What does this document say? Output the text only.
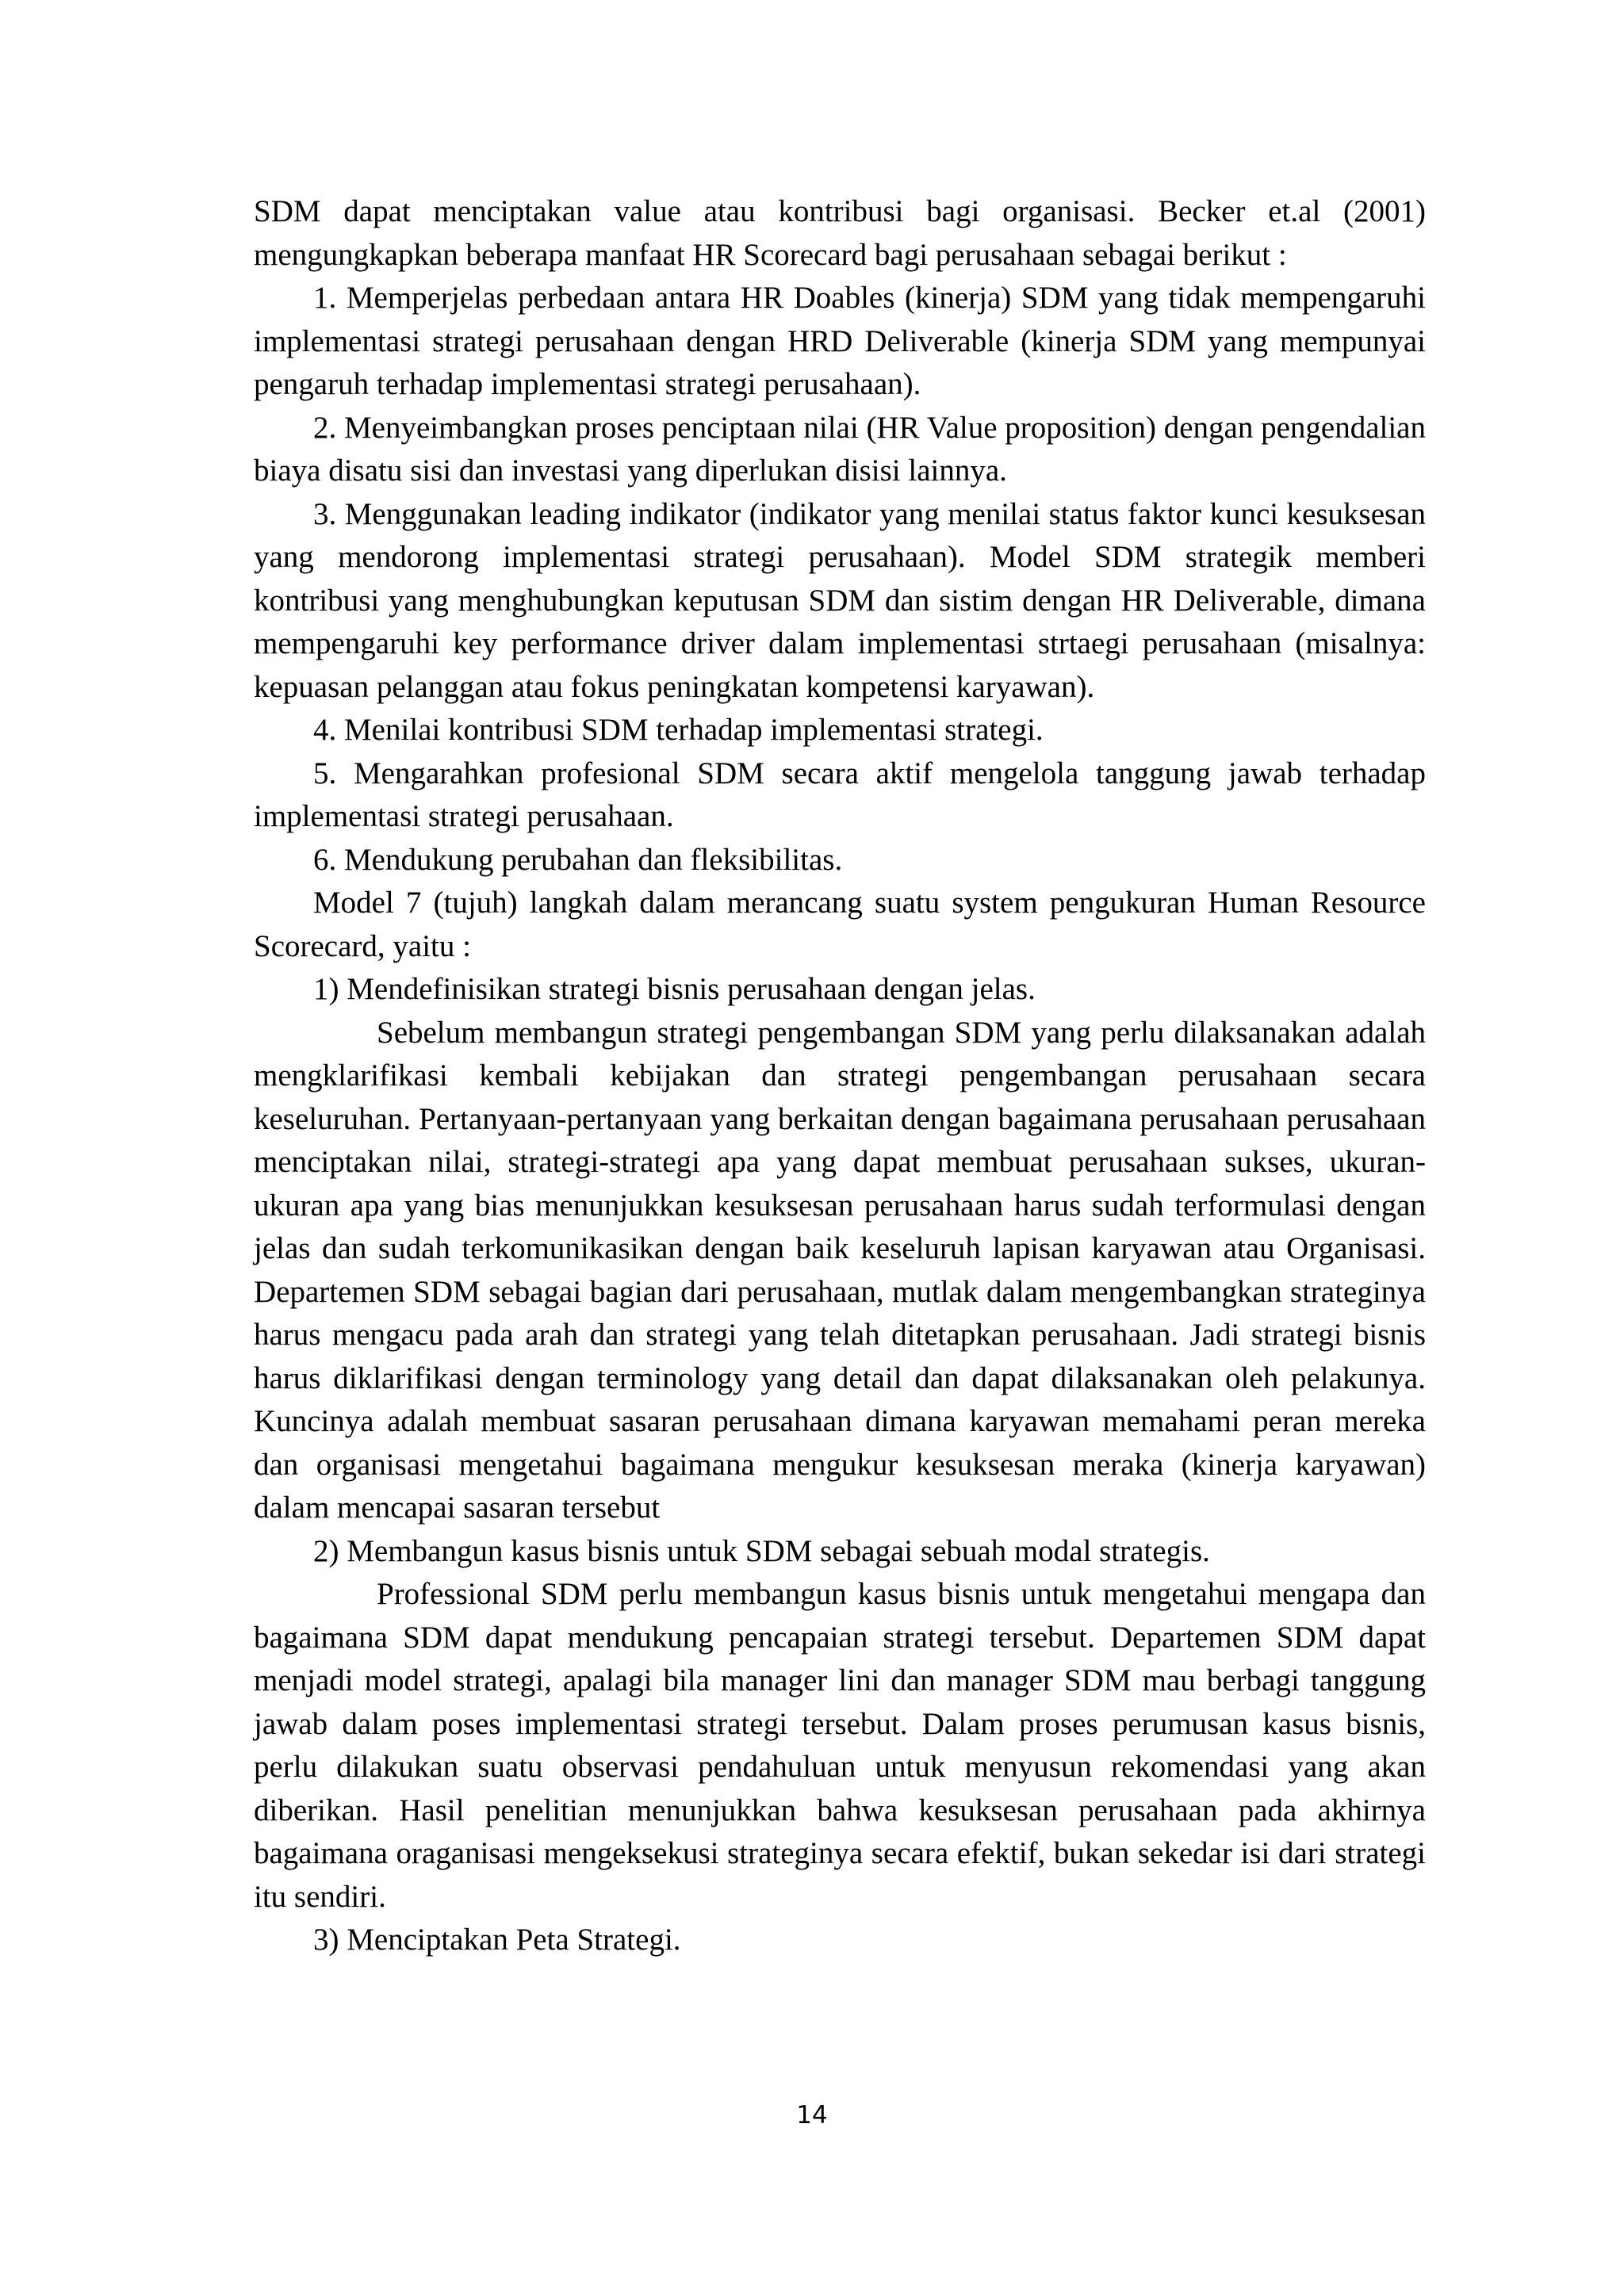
SDM dapat menciptakan value atau kontribusi bagi organisasi. Becker et.al (2001) mengungkapkan beberapa manfaat HR Scorecard bagi perusahaan sebagai berikut :

1. Memperjelas perbedaan antara HR Doables (kinerja) SDM yang tidak mempengaruhi implementasi strategi perusahaan dengan HRD Deliverable (kinerja SDM yang mempunyai pengaruh terhadap implementasi strategi perusahaan).

2. Menyeimbangkan proses penciptaan nilai (HR Value proposition) dengan pengendalian biaya disatu sisi dan investasi yang diperlukan disisi lainnya.

3. Menggunakan leading indikator (indikator yang menilai status faktor kunci kesuksesan yang mendorong implementasi strategi perusahaan). Model SDM strategik memberi kontribusi yang menghubungkan keputusan SDM dan sistim dengan HR Deliverable, dimana mempengaruhi key performance driver dalam implementasi strtaegi perusahaan (misalnya: kepuasan pelanggan atau fokus peningkatan kompetensi karyawan).

4. Menilai kontribusi SDM terhadap implementasi strategi.

5. Mengarahkan profesional SDM secara aktif mengelola tanggung jawab terhadap implementasi strategi perusahaan.

6. Mendukung perubahan dan fleksibilitas.

Model 7 (tujuh) langkah dalam merancang suatu system pengukuran Human Resource Scorecard, yaitu :

1) Mendefinisikan strategi bisnis perusahaan dengan jelas.

Sebelum membangun strategi pengembangan SDM yang perlu dilaksanakan adalah mengklarifikasi kembali kebijakan dan strategi pengembangan perusahaan secara keseluruhan. Pertanyaan-pertanyaan yang berkaitan dengan bagaimana perusahaan perusahaan menciptakan nilai, strategi-strategi apa yang dapat membuat perusahaan sukses, ukuran-ukuran apa yang bias menunjukkan kesuksesan perusahaan harus sudah terformulasi dengan jelas dan sudah terkomunikasikan dengan baik keseluruh lapisan karyawan atau Organisasi. Departemen SDM sebagai bagian dari perusahaan, mutlak dalam mengembangkan strateginya harus mengacu pada arah dan strategi yang telah ditetapkan perusahaan. Jadi strategi bisnis harus diklarifikasi dengan terminology yang detail dan dapat dilaksanakan oleh pelakunya. Kuncinya adalah membuat sasaran perusahaan dimana karyawan memahami peran mereka dan organisasi mengetahui bagaimana mengukur kesuksesan meraka (kinerja karyawan) dalam mencapai sasaran tersebut

2) Membangun kasus bisnis untuk SDM sebagai sebuah modal strategis.

Professional SDM perlu membangun kasus bisnis untuk mengetahui mengapa dan bagaimana SDM dapat mendukung pencapaian strategi tersebut. Departemen SDM dapat menjadi model strategi, apalagi bila manager lini dan manager SDM mau berbagi tanggung jawab dalam poses implementasi strategi tersebut. Dalam proses perumusan kasus bisnis, perlu dilakukan suatu observasi pendahuluan untuk menyusun rekomendasi yang akan diberikan. Hasil penelitian menunjukkan bahwa kesuksesan perusahaan pada akhirnya bagaimana oraganisasi mengeksekusi strateginya secara efektif, bukan sekedar isi dari strategi itu sendiri.

3) Menciptakan Peta Strategi.

14
